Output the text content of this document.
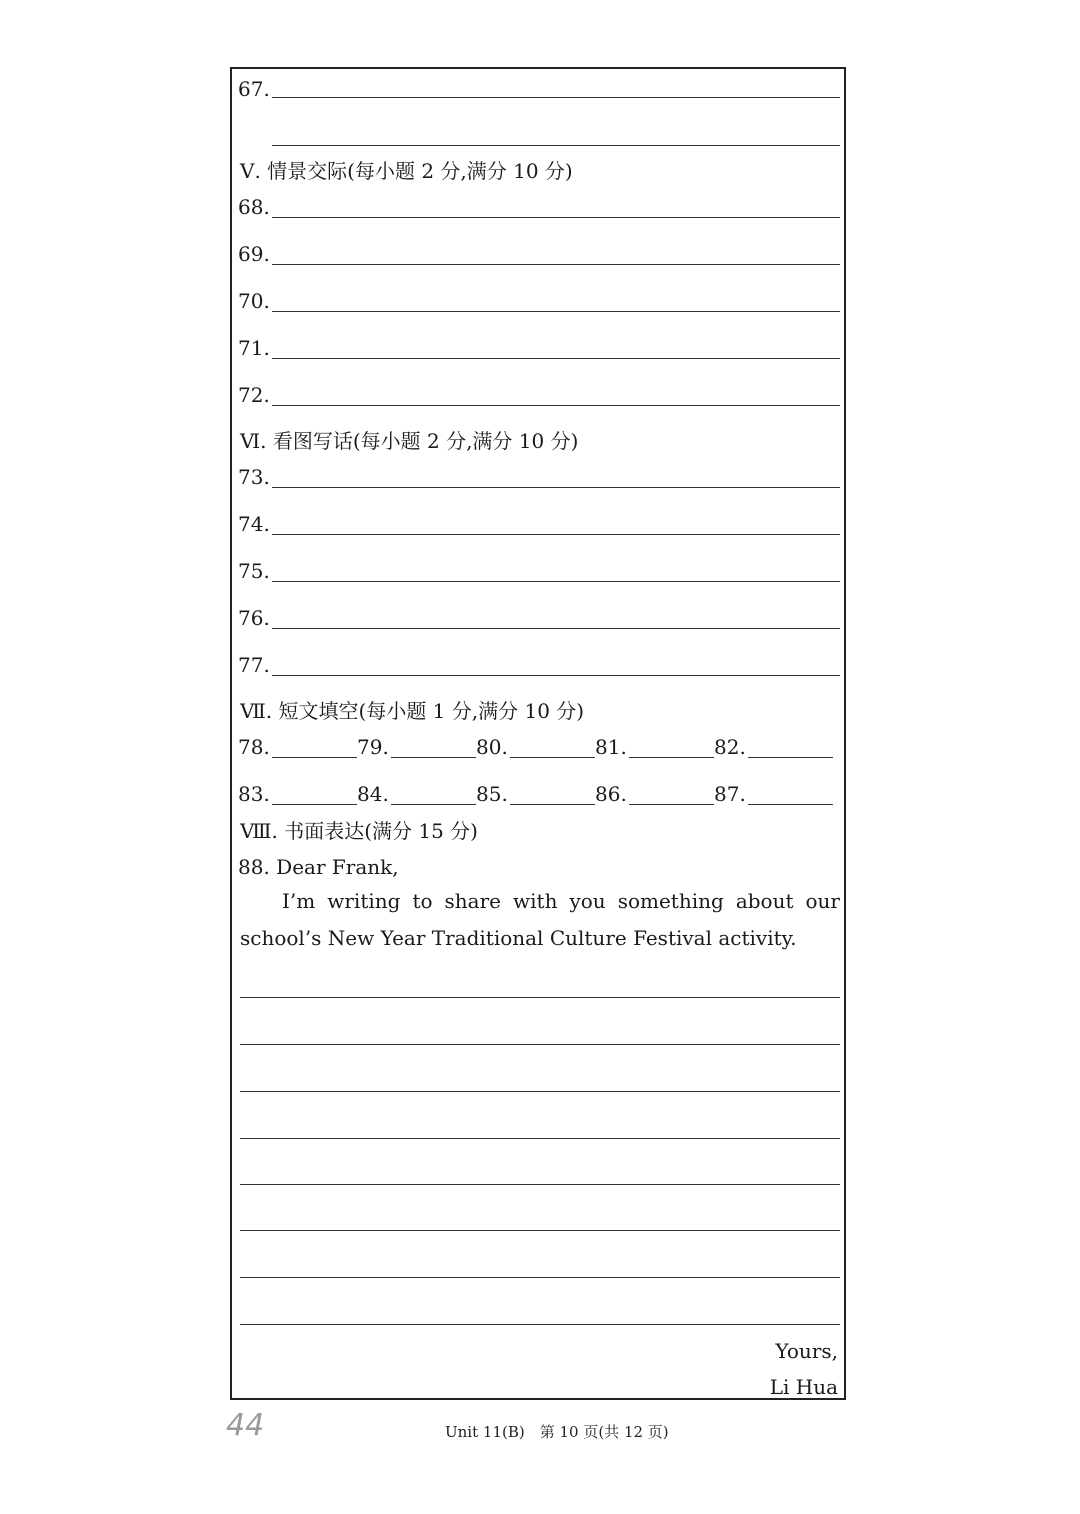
67.
Ⅴ. 情景交际(每小题 2 分,满分 10 分)
68.
69.
70.
71.
72.
Ⅵ. 看图写话(每小题 2 分,满分 10 分)
73.
74.
75.
76.
77.
Ⅶ. 短文填空(每小题 1 分,满分 10 分)
78.	79.	80.	81.	82.
83.	84.	85.	86.	87.
Ⅷ. 书面表达(满分 15 分)
88. Dear Frank,
I’m writing to share with you something about our school’s New Year Traditional Culture Festival activity.
Yours,
Li Hua
44	Unit 11(B)　第 10 页(共 12 页)
